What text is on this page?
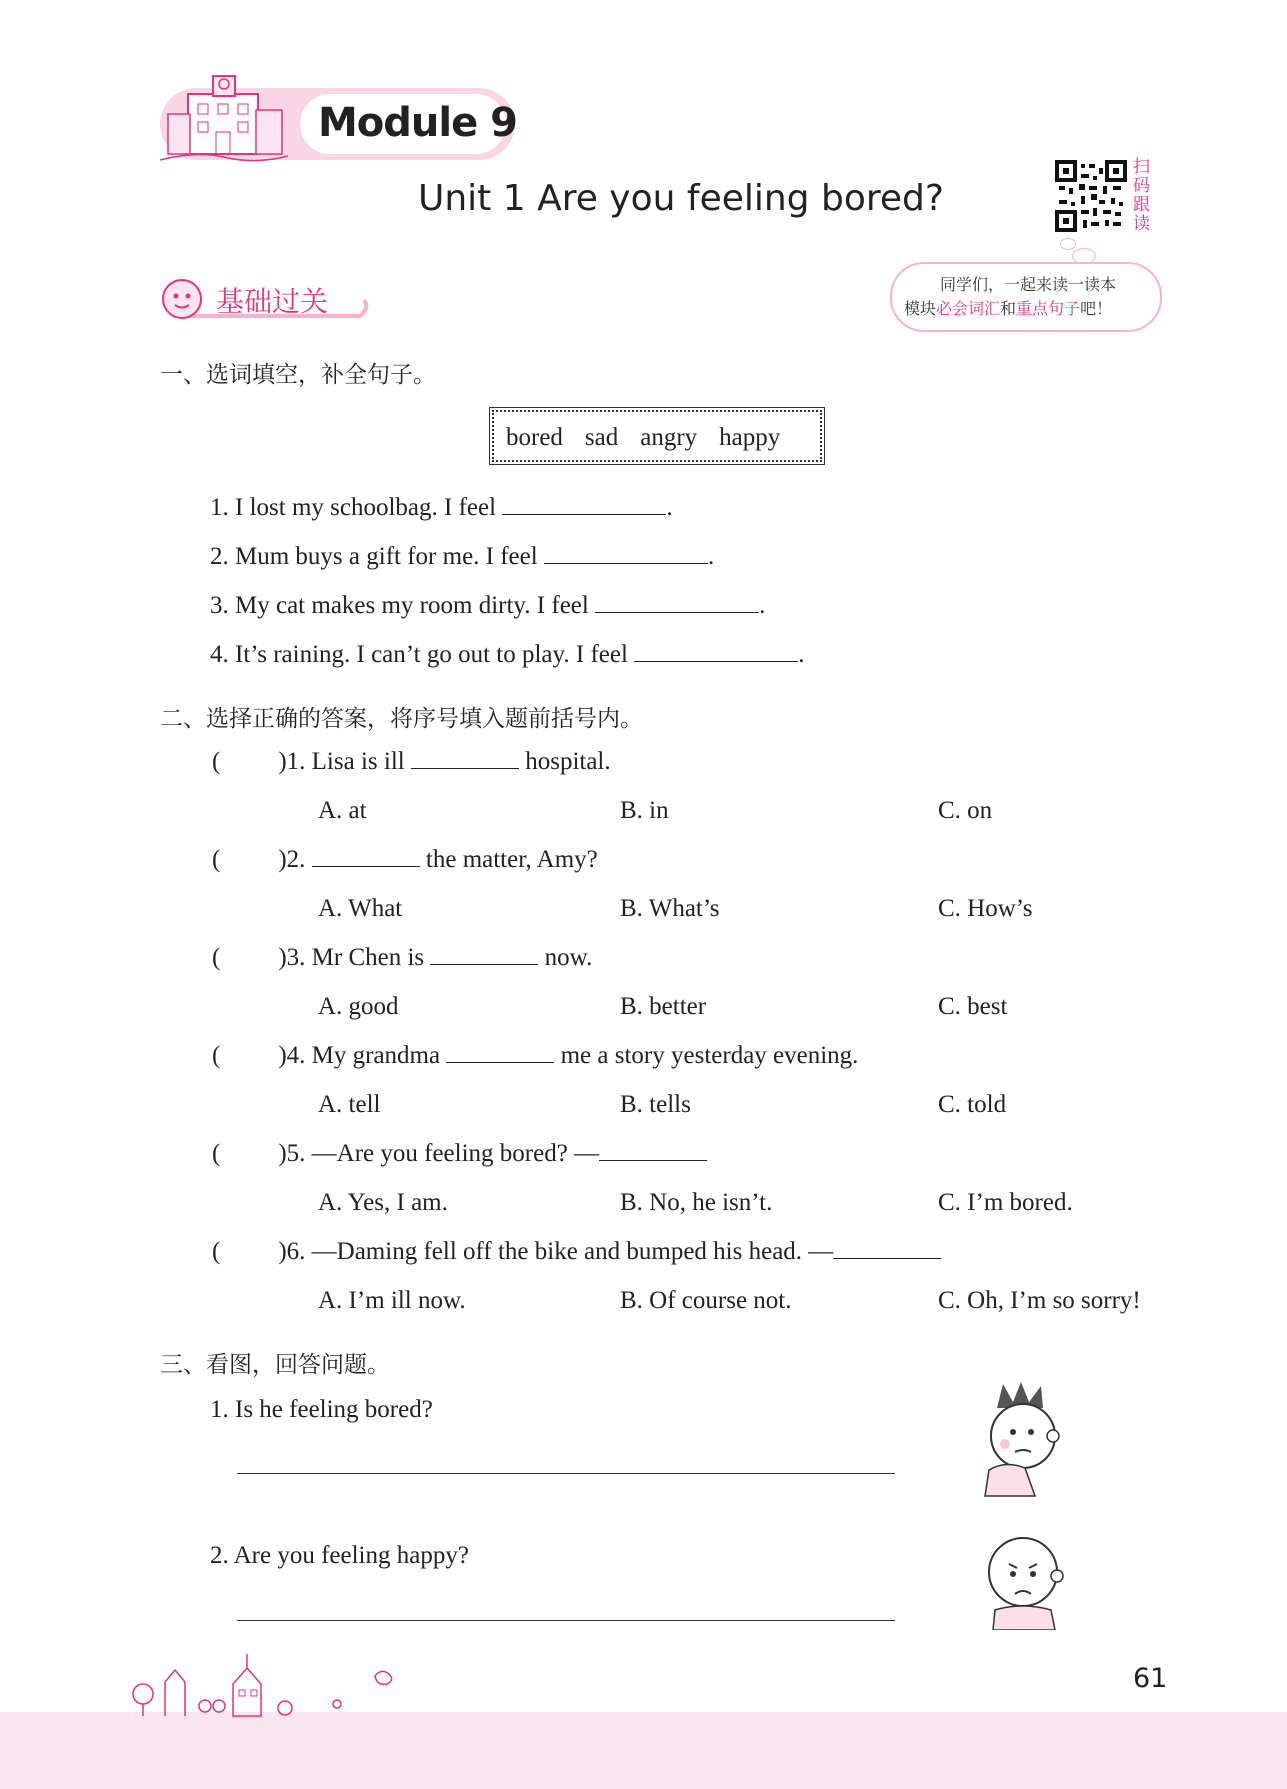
Module 9
Unit 1 Are you feeling bored?
扫码跟读
同学们，一起来读一读本
模块必会词汇和重点句子吧！
基础过关
一、选词填空，补全句子。
bored sad angry happy
1. I lost my schoolbag. I feel	.
2. Mum buys a gift for me. I feel	.
3. My cat makes my room dirty. I feel	.
4. It’s raining. I can’t go out to play. I feel	.
二、选择正确的答案，将序号填入题前括号内。
( )1. Lisa is ill	hospital.
A. at	B. in	C. on
( )2.	the matter, Amy?
A. What	B. What’s	C. How’s
( )3. Mr Chen is	now.
A. good	B. better	C. best
( )4. My grandma	me a story yesterday evening.
A. tell	B. tells	C. told
( )5. —Are you feeling bored? —
A. Yes, I am.	B. No, he isn’t.	C. I’m bored.
( )6. —Daming fell off the bike and bumped his head. —
A. I’m ill now.	B. Of course not.	C. Oh, I’m so sorry!
三、看图，回答问题。
1. Is he feeling bored?
2. Are you feeling happy?
61
